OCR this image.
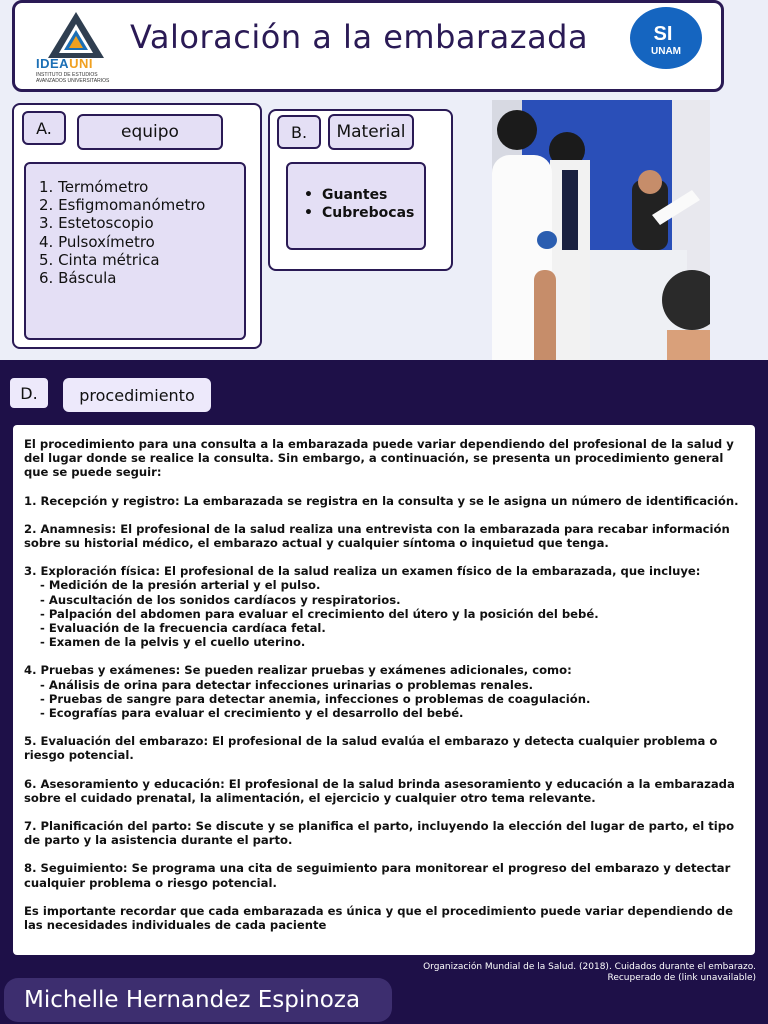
IDEAUNI
INSTITUTO DE ESTUDIOS AVANZADOS UNIVERSITARIOS
Valoración a la embarazada	SI
UNAM
A.	equipo
1. Termómetro
2. Esfigmomanómetro
3. Estetoscopio
4. Pulsoxímetro
5. Cinta métrica
6. Báscula
B.	Material
• Guantes
• Cubrebocas
D.	procedimiento

El procedimiento para una consulta a la embarazada puede variar dependiendo del profesional de la salud y del lugar donde se realice la consulta. Sin embargo, a continuación, se presenta un procedimiento general que se puede seguir:

1. Recepción y registro: La embarazada se registra en la consulta y se le asigna un número de identificación.

2. Anamnesis: El profesional de la salud realiza una entrevista con la embarazada para recabar información sobre su historial médico, el embarazo actual y cualquier síntoma o inquietud que tenga.

3. Exploración física: El profesional de la salud realiza un examen físico de la embarazada, que incluye:
- Medición de la presión arterial y el pulso.
- Auscultación de los sonidos cardíacos y respiratorios.
- Palpación del abdomen para evaluar el crecimiento del útero y la posición del bebé.
- Evaluación de la frecuencia cardíaca fetal.
- Examen de la pelvis y el cuello uterino.

4. Pruebas y exámenes: Se pueden realizar pruebas y exámenes adicionales, como:
- Análisis de orina para detectar infecciones urinarias o problemas renales.
- Pruebas de sangre para detectar anemia, infecciones o problemas de coagulación.
- Ecografías para evaluar el crecimiento y el desarrollo del bebé.

5. Evaluación del embarazo: El profesional de la salud evalúa el embarazo y detecta cualquier problema o riesgo potencial.

6. Asesoramiento y educación: El profesional de la salud brinda asesoramiento y educación a la embarazada sobre el cuidado prenatal, la alimentación, el ejercicio y cualquier otro tema relevante.

7. Planificación del parto: Se discute y se planifica el parto, incluyendo la elección del lugar de parto, el tipo de parto y la asistencia durante el parto.

8. Seguimiento: Se programa una cita de seguimiento para monitorear el progreso del embarazo y detectar cualquier problema o riesgo potencial.

Es importante recordar que cada embarazada es única y que el procedimiento puede variar dependiendo de las necesidades individuales de cada paciente

Organización Mundial de la Salud. (2018). Cuidados durante el embarazo.
Recuperado de (link unavailable)
Michelle Hernandez Espinoza
